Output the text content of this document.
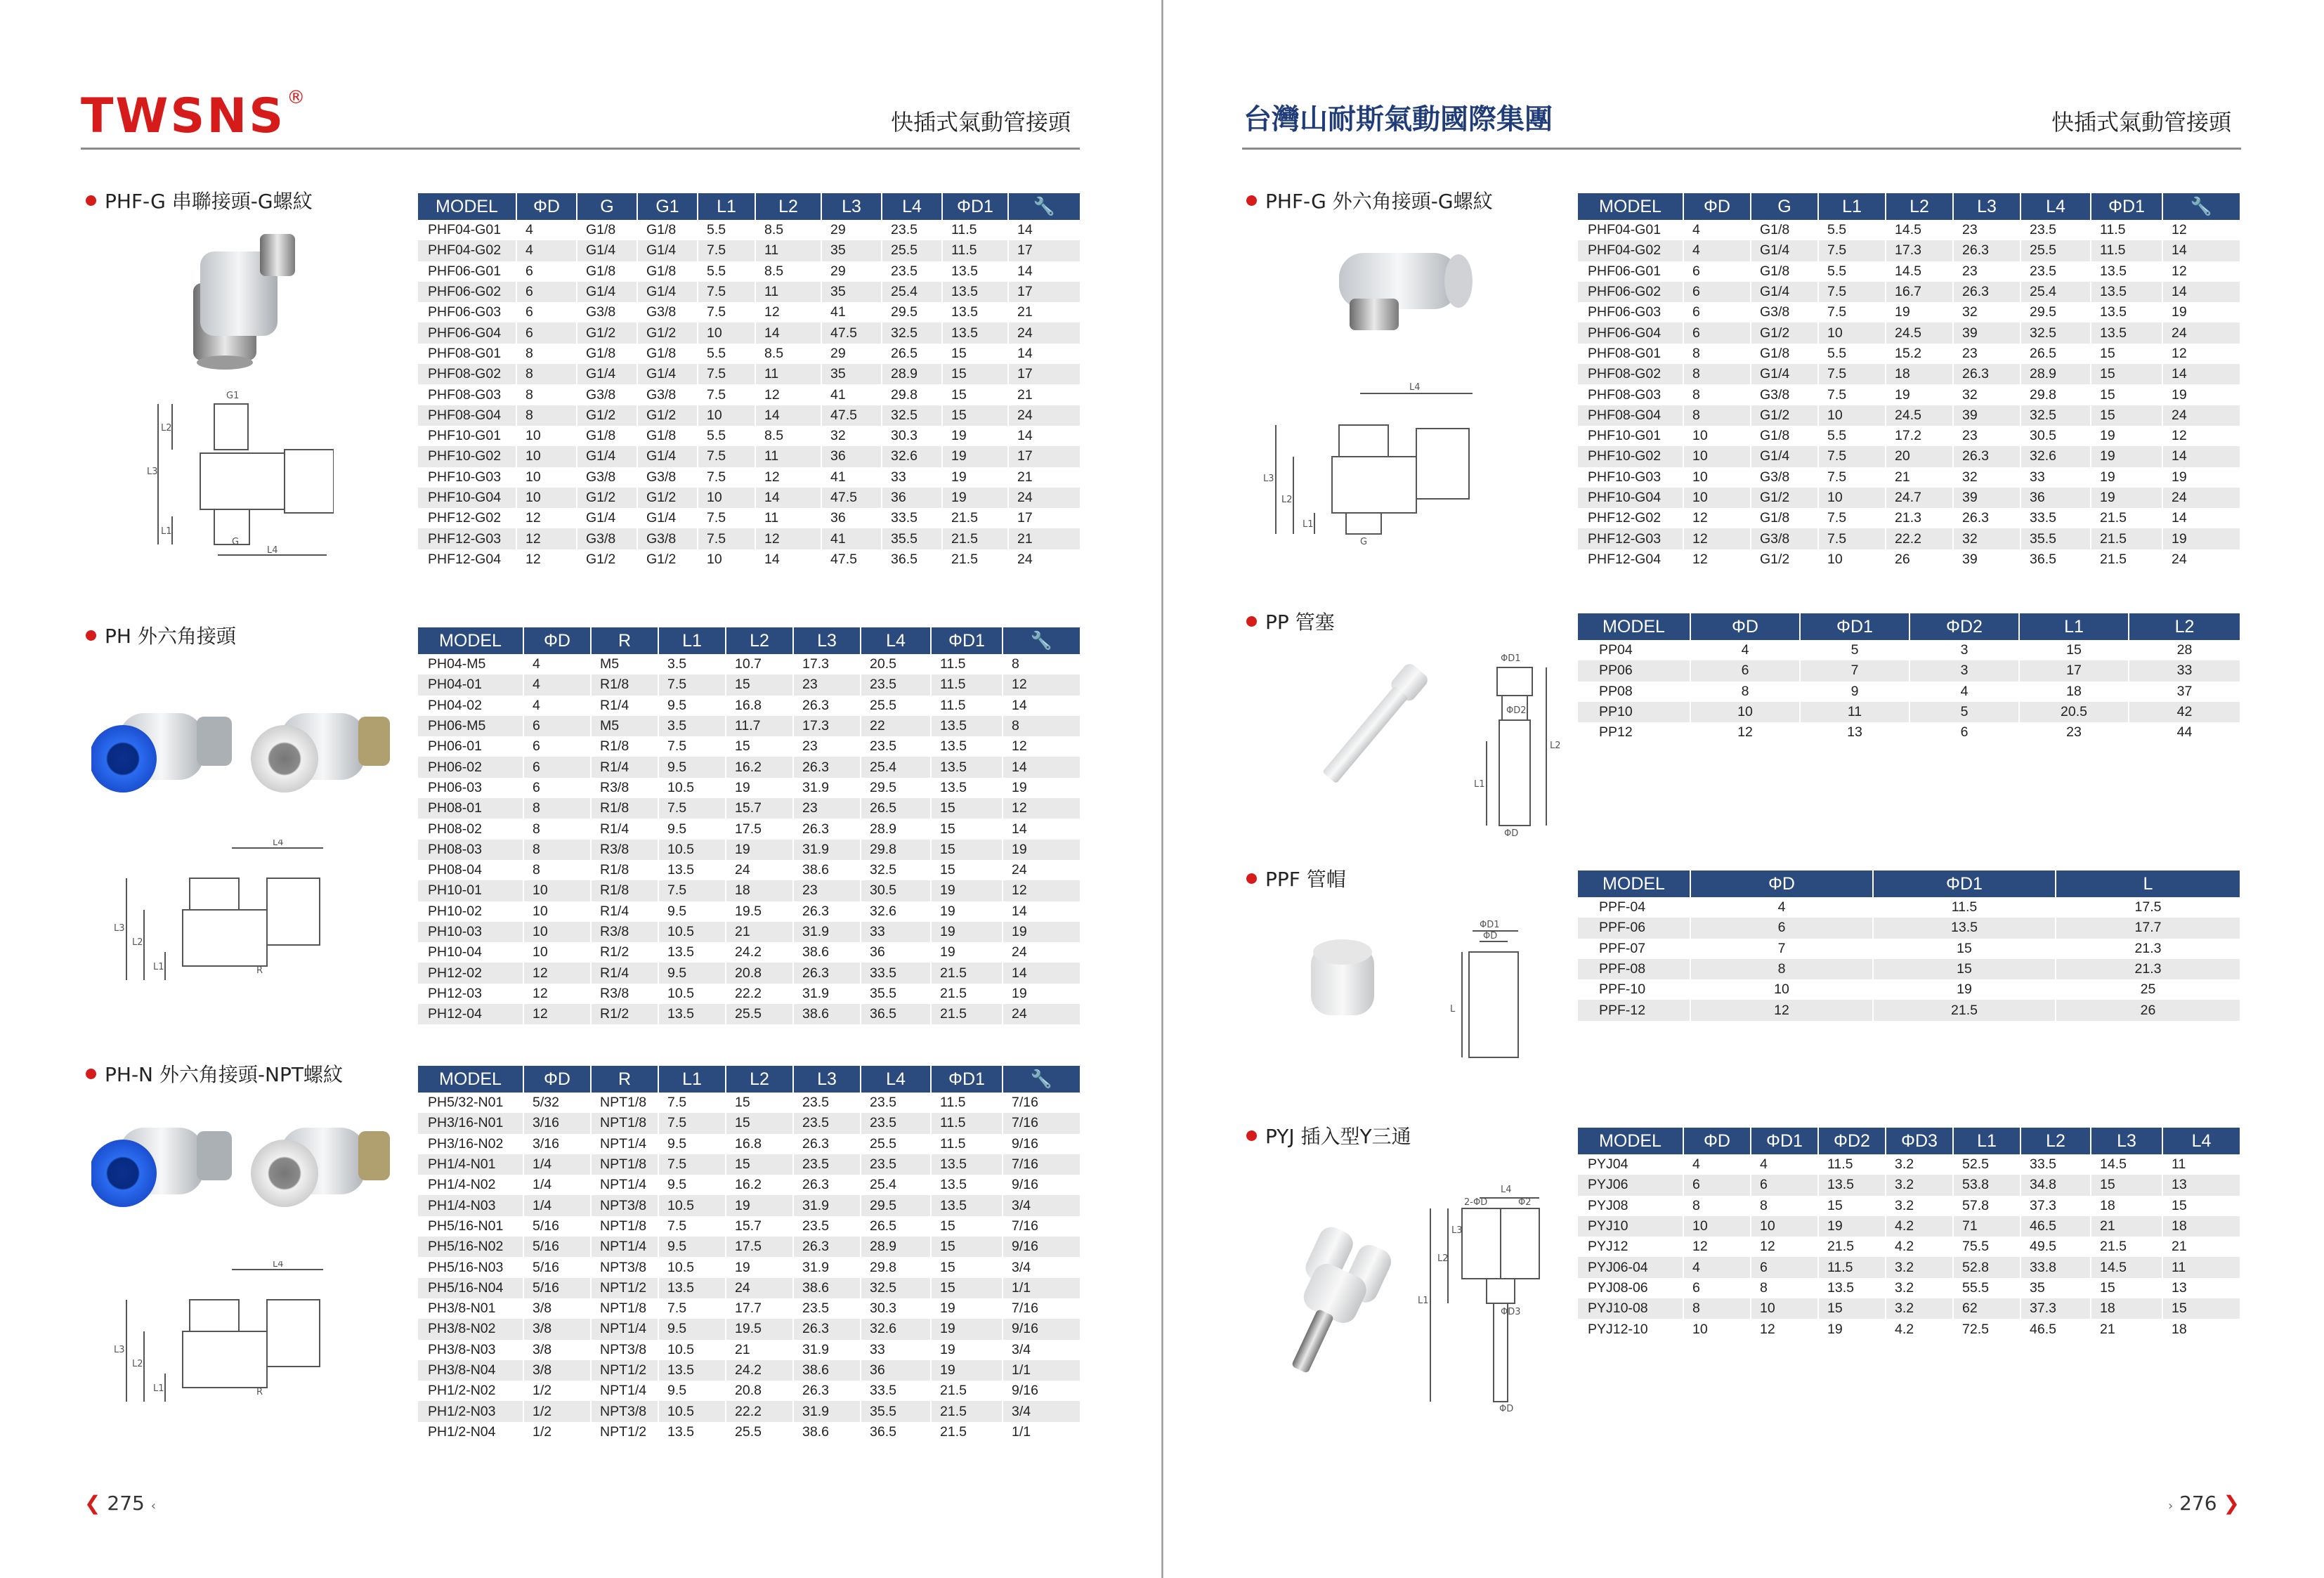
TWSNS®
快插式氣動管接頭
PHF-G 串聯接頭-G螺紋
G1
L3
L2
L1
G
L4
MODEL	ΦD	G	G1	L1	L2	L3	L4	ΦD1	🔧
PHF04-G01	4	G1/8	G1/8	5.5	8.5	29	23.5	11.5	14
PHF04-G02	4	G1/4	G1/4	7.5	11	35	25.5	11.5	17
PHF06-G01	6	G1/8	G1/8	5.5	8.5	29	23.5	13.5	14
PHF06-G02	6	G1/4	G1/4	7.5	11	35	25.4	13.5	17
PHF06-G03	6	G3/8	G3/8	7.5	12	41	29.5	13.5	21
PHF06-G04	6	G1/2	G1/2	10	14	47.5	32.5	13.5	24
PHF08-G01	8	G1/8	G1/8	5.5	8.5	29	26.5	15	14
PHF08-G02	8	G1/4	G1/4	7.5	11	35	28.9	15	17
PHF08-G03	8	G3/8	G3/8	7.5	12	41	29.8	15	21
PHF08-G04	8	G1/2	G1/2	10	14	47.5	32.5	15	24
PHF10-G01	10	G1/8	G1/8	5.5	8.5	32	30.3	19	14
PHF10-G02	10	G1/4	G1/4	7.5	11	36	32.6	19	17
PHF10-G03	10	G3/8	G3/8	7.5	12	41	33	19	21
PHF10-G04	10	G1/2	G1/2	10	14	47.5	36	19	24
PHF12-G02	12	G1/4	G1/4	7.5	11	36	33.5	21.5	17
PHF12-G03	12	G3/8	G3/8	7.5	12	41	35.5	21.5	21
PHF12-G04	12	G1/2	G1/2	10	14	47.5	36.5	21.5	24
PH 外六角接頭
L4
L3
L2
L1	R
MODEL	ΦD	R	L1	L2	L3	L4	ΦD1	🔧
PH04-M5	4	M5	3.5	10.7	17.3	20.5	11.5	8
PH04-01	4	R1/8	7.5	15	23	23.5	11.5	12
PH04-02	4	R1/4	9.5	16.8	26.3	25.5	11.5	14
PH06-M5	6	M5	3.5	11.7	17.3	22	13.5	8
PH06-01	6	R1/8	7.5	15	23	23.5	13.5	12
PH06-02	6	R1/4	9.5	16.2	26.3	25.4	13.5	14
PH06-03	6	R3/8	10.5	19	31.9	29.5	13.5	19
PH08-01	8	R1/8	7.5	15.7	23	26.5	15	12
PH08-02	8	R1/4	9.5	17.5	26.3	28.9	15	14
PH08-03	8	R3/8	10.5	19	31.9	29.8	15	19
PH08-04	8	R1/8	13.5	24	38.6	32.5	15	24
PH10-01	10	R1/8	7.5	18	23	30.5	19	12
PH10-02	10	R1/4	9.5	19.5	26.3	32.6	19	14
PH10-03	10	R3/8	10.5	21	31.9	33	19	19
PH10-04	10	R1/2	13.5	24.2	38.6	36	19	24
PH12-02	12	R1/4	9.5	20.8	26.3	33.5	21.5	14
PH12-03	12	R3/8	10.5	22.2	31.9	35.5	21.5	19
PH12-04	12	R1/2	13.5	25.5	38.6	36.5	21.5	24
PH-N 外六角接頭-NPT螺紋
L4
L3
L2
L1	R
MODEL	ΦD	R	L1	L2	L3	L4	ΦD1	🔧
PH5/32-N01	5/32	NPT1/8	7.5	15	23.5	23.5	11.5	7/16
PH3/16-N01	3/16	NPT1/8	7.5	15	23.5	23.5	11.5	7/16
PH3/16-N02	3/16	NPT1/4	9.5	16.8	26.3	25.5	11.5	9/16
PH1/4-N01	1/4	NPT1/8	7.5	15	23.5	23.5	13.5	7/16
PH1/4-N02	1/4	NPT1/4	9.5	16.2	26.3	25.4	13.5	9/16
PH1/4-N03	1/4	NPT3/8	10.5	19	31.9	29.5	13.5	3/4
PH5/16-N01	5/16	NPT1/8	7.5	15.7	23.5	26.5	15	7/16
PH5/16-N02	5/16	NPT1/4	9.5	17.5	26.3	28.9	15	9/16
PH5/16-N03	5/16	NPT3/8	10.5	19	31.9	29.8	15	3/4
PH5/16-N04	5/16	NPT1/2	13.5	24	38.6	32.5	15	1/1
PH3/8-N01	3/8	NPT1/8	7.5	17.7	23.5	30.3	19	7/16
PH3/8-N02	3/8	NPT1/4	9.5	19.5	26.3	32.6	19	9/16
PH3/8-N03	3/8	NPT3/8	10.5	21	31.9	33	19	3/4
PH3/8-N04	3/8	NPT1/2	13.5	24.2	38.6	36	19	1/1
PH1/2-N02	1/2	NPT1/4	9.5	20.8	26.3	33.5	21.5	9/16
PH1/2-N03	1/2	NPT3/8	10.5	22.2	31.9	35.5	21.5	3/4
PH1/2-N04	1/2	NPT1/2	13.5	25.5	38.6	36.5	21.5	1/1
❮ 275 ‹
台灣山耐斯氣動國際集團	快插式氣動管接頭
PHF-G 外六角接頭-G螺紋
L4
L3
L2
L1
G
MODEL	ΦD	G	L1	L2	L3	L4	ΦD1	🔧
PHF04-G01	4	G1/8	5.5	14.5	23	23.5	11.5	12
PHF04-G02	4	G1/4	7.5	17.3	26.3	25.5	11.5	14
PHF06-G01	6	G1/8	5.5	14.5	23	23.5	13.5	12
PHF06-G02	6	G1/4	7.5	16.7	26.3	25.4	13.5	14
PHF06-G03	6	G3/8	7.5	19	32	29.5	13.5	19
PHF06-G04	6	G1/2	10	24.5	39	32.5	13.5	24
PHF08-G01	8	G1/8	5.5	15.2	23	26.5	15	12
PHF08-G02	8	G1/4	7.5	18	26.3	28.9	15	14
PHF08-G03	8	G3/8	7.5	19	32	29.8	15	19
PHF08-G04	8	G1/2	10	24.5	39	32.5	15	24
PHF10-G01	10	G1/8	5.5	17.2	23	30.5	19	12
PHF10-G02	10	G1/4	7.5	20	26.3	32.6	19	14
PHF10-G03	10	G3/8	7.5	21	32	33	19	19
PHF10-G04	10	G1/2	10	24.7	39	36	19	24
PHF12-G02	12	G1/8	7.5	21.3	26.3	33.5	21.5	14
PHF12-G03	12	G3/8	7.5	22.2	32	35.5	21.5	19
PHF12-G04	12	G1/2	10	26	39	36.5	21.5	24
PP 管塞
ΦD1
ΦD2
L1
L2
ΦD
MODEL	ΦD	ΦD1	ΦD2	L1	L2
PP04	4	5	3	15	28
PP06	6	7	3	17	33
PP08	8	9	4	18	37
PP10	10	11	5	20.5	42
PP12	12	13	6	23	44
PPF 管帽
ΦD1
ΦD
L
MODEL	ΦD	ΦD1	L
PPF-04	4	11.5	17.5
PPF-06	6	13.5	17.7
PPF-07	7	15	21.3
PPF-08	8	15	21.3
PPF-10	10	19	25
PPF-12	12	21.5	26
PYJ 插入型Y三通
L4
2-ΦD	Φ2
L1
L2
L3
ΦD3
ΦD
MODEL	ΦD	ΦD1	ΦD2	ΦD3	L1	L2	L3	L4
PYJ04	4	4	11.5	3.2	52.5	33.5	14.5	11
PYJ06	6	6	13.5	3.2	53.8	34.8	15	13
PYJ08	8	8	15	3.2	57.8	37.3	18	15
PYJ10	10	10	19	4.2	71	46.5	21	18
PYJ12	12	12	21.5	4.2	75.5	49.5	21.5	21
PYJ06-04	4	6	11.5	3.2	52.8	33.8	14.5	11
PYJ08-06	6	8	13.5	3.2	55.5	35	15	13
PYJ10-08	8	10	15	3.2	62	37.3	18	15
PYJ12-10	10	12	19	4.2	72.5	46.5	21	18
› 276 ❯
